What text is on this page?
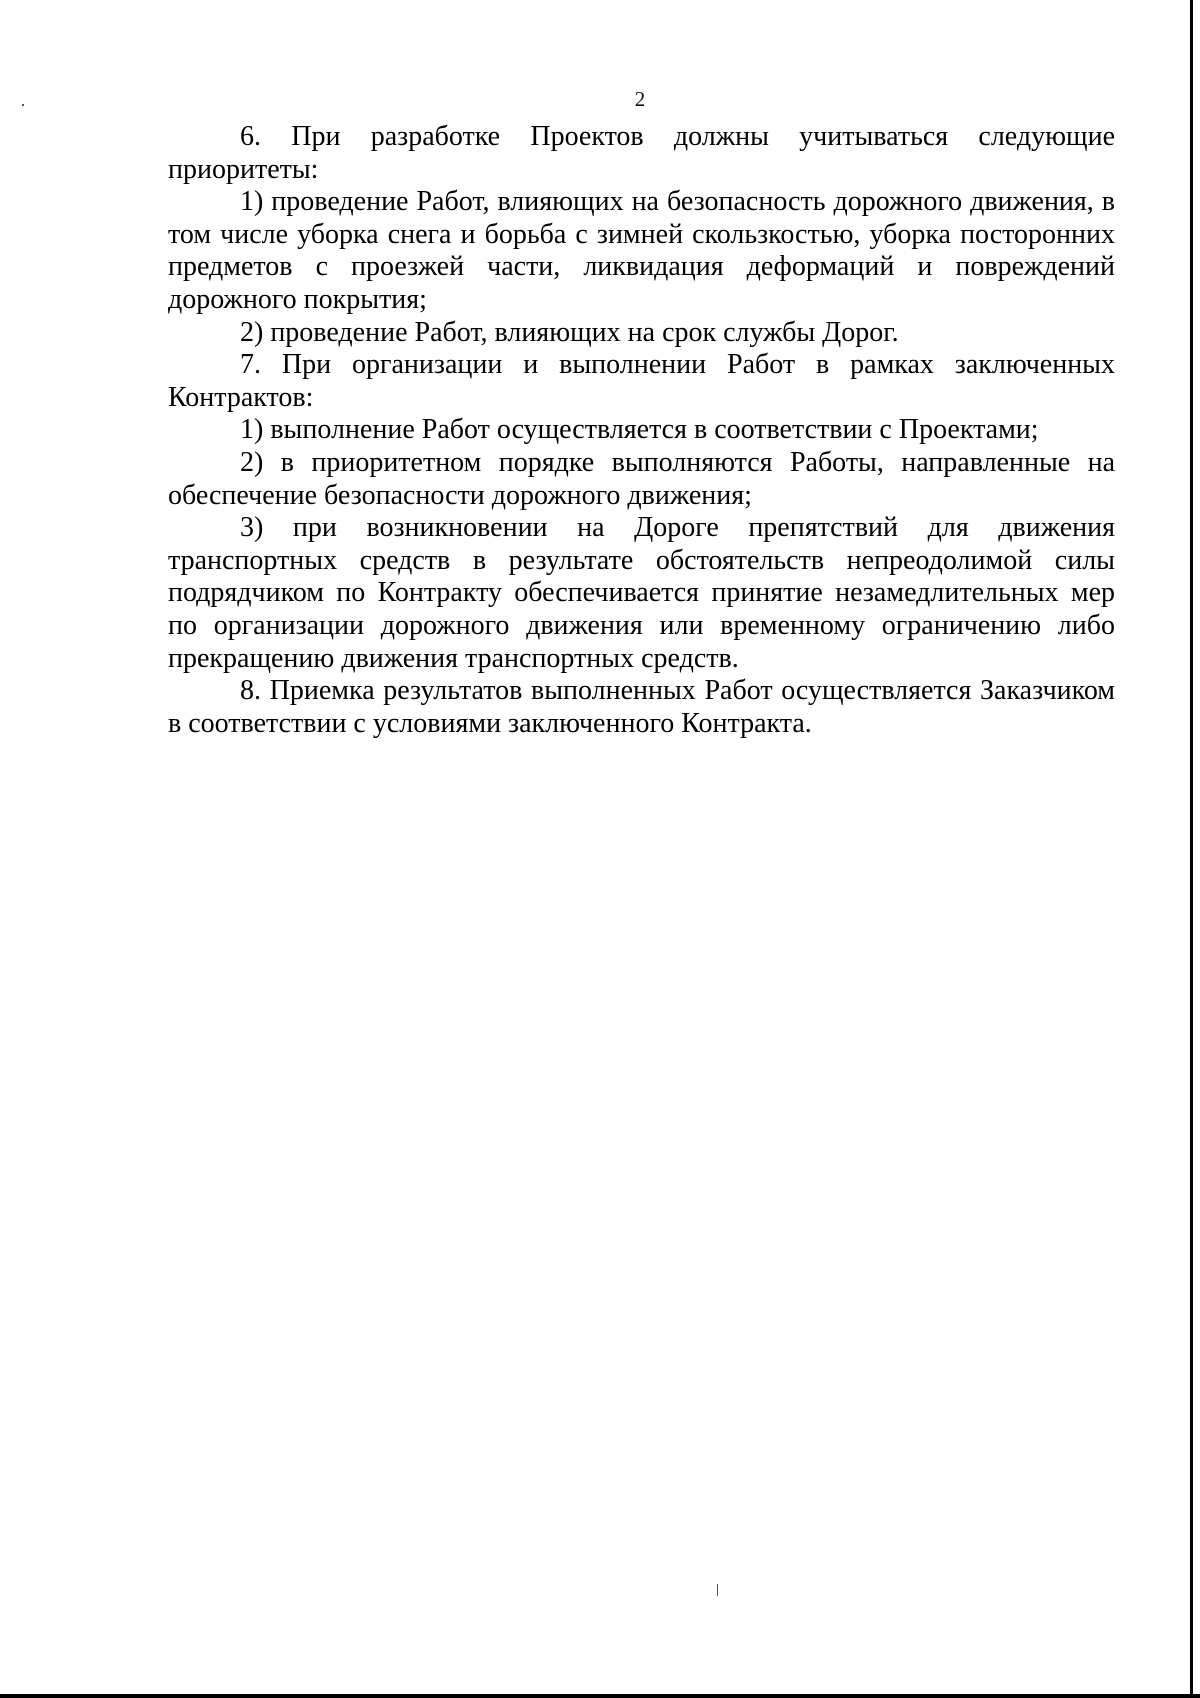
2

6. При разработке Проектов должны учитываться следующие приоритеты:

1) проведение Работ, влияющих на безопасность дорожного движения, в том числе уборка снега и борьба с зимней скользкостью, уборка посторонних предметов с проезжей части, ликвидация деформаций и повреждений дорожного покрытия;

2) проведение Работ, влияющих на срок службы Дорог.

7. При организации и выполнении Работ в рамках заключенных Контрактов:

1) выполнение Работ осуществляется в соответствии с Проектами;

2) в приоритетном порядке выполняются Работы, направленные на обеспечение безопасности дорожного движения;

3) при возникновении на Дороге препятствий для движения транспортных средств в результате обстоятельств непреодолимой силы подрядчиком по Контракту обеспечивается принятие незамедлительных мер по организации дорожного движения или временному ограничению либо прекращению движения транспортных средств.

8. Приемка результатов выполненных Работ осуществляется Заказчиком в соответствии с условиями заключенного Контракта.
